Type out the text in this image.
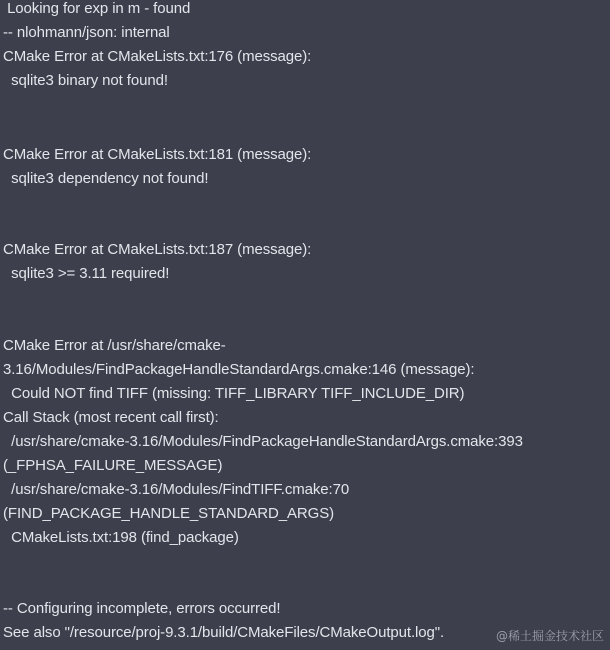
Looking for exp in m - found
-- nlohmann/json: internal
CMake Error at CMakeLists.txt:176 (message):
sqlite3 binary not found!
CMake Error at CMakeLists.txt:181 (message):
sqlite3 dependency not found!
CMake Error at CMakeLists.txt:187 (message):
sqlite3 >= 3.11 required!
CMake Error at /usr/share/cmake-
3.16/Modules/FindPackageHandleStandardArgs.cmake:146 (message):
Could NOT find TIFF (missing: TIFF_LIBRARY TIFF_INCLUDE_DIR)
Call Stack (most recent call first):
/usr/share/cmake-3.16/Modules/FindPackageHandleStandardArgs.cmake:393
(_FPHSA_FAILURE_MESSAGE)
/usr/share/cmake-3.16/Modules/FindTIFF.cmake:70
(FIND_PACKAGE_HANDLE_STANDARD_ARGS)
CMakeLists.txt:198 (find_package)
-- Configuring incomplete, errors occurred!
See also "/resource/proj-9.3.1/build/CMakeFiles/CMakeOutput.log".	@稀土掘金技术社区
